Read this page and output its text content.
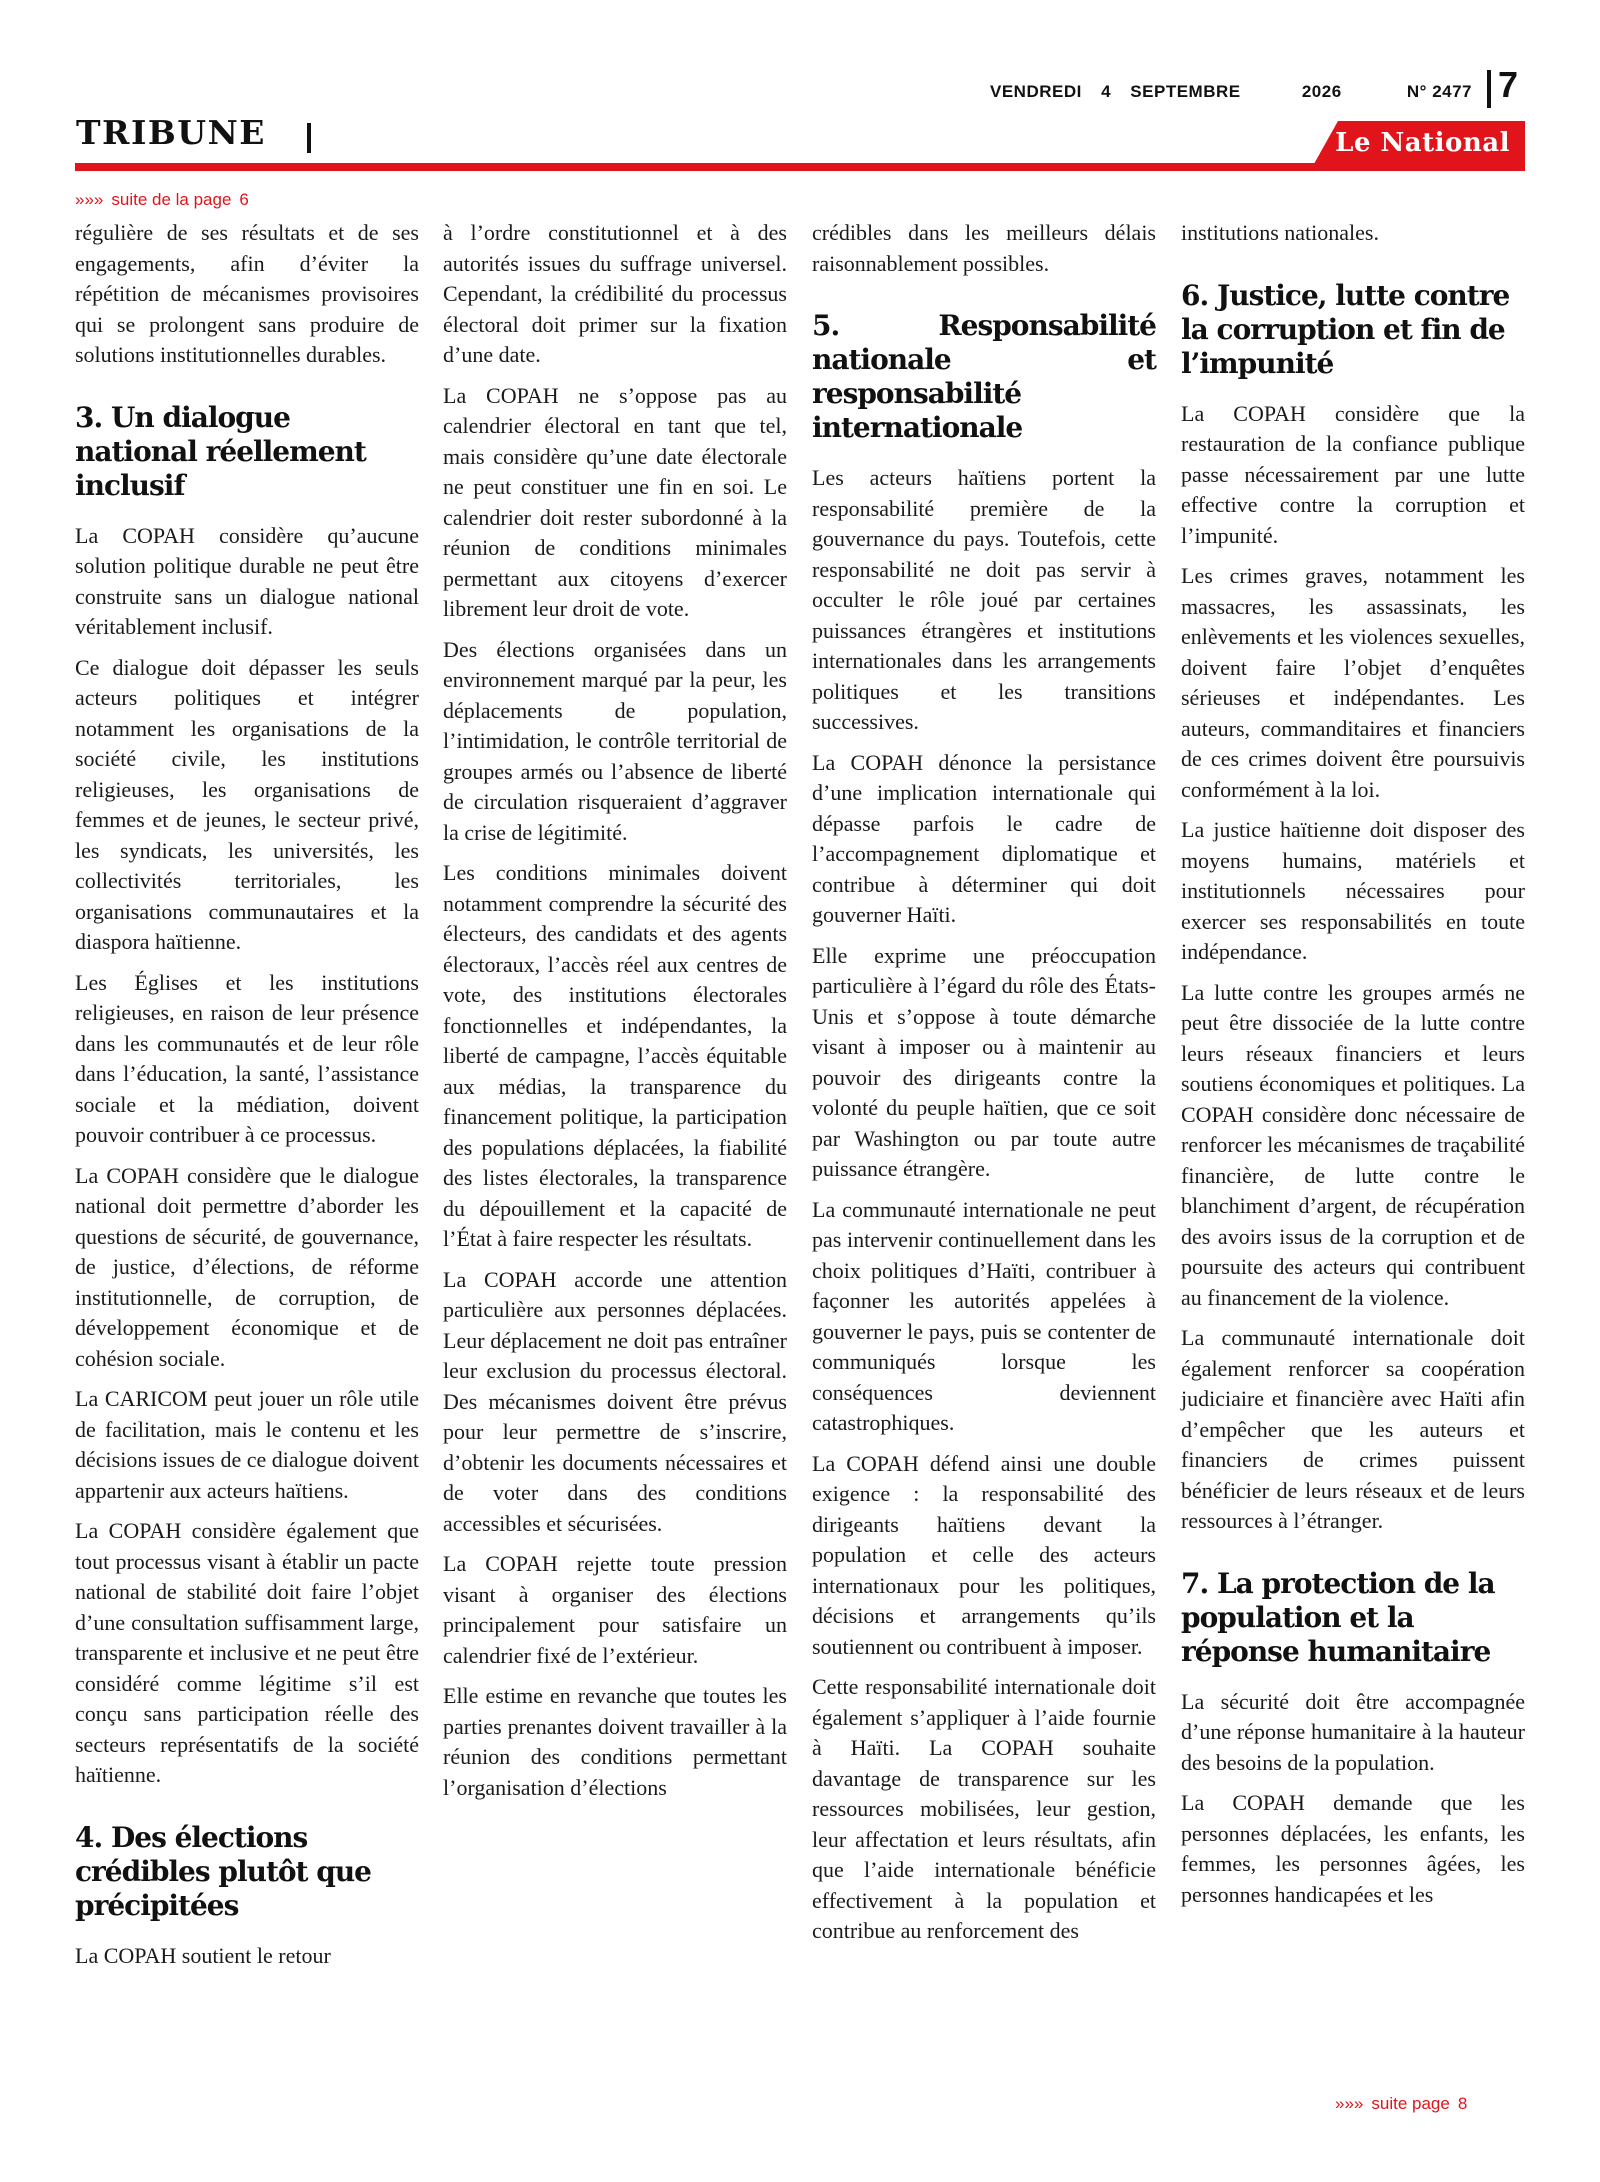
VENDREDI 4 SEPTEMBRE	2026	N° 2477 7
TRIBUNE	Le National
»»» suite de la page 6

régulière de ses résultats et de ses engagements, afin d’éviter la répétition de mécanismes provisoires qui se prolongent sans produire de solutions institutionnelles durables.

3. Un dialogue national réellement inclusif

La COPAH considère qu’aucune solution politique durable ne peut être construite sans un dialogue national véritablement inclusif.

Ce dialogue doit dépasser les seuls acteurs politiques et intégrer notamment les organisations de la société civile, les institutions religieuses, les organisations de femmes et de jeunes, le secteur privé, les syndicats, les universités, les collectivités territoriales, les organisations communautaires et la diaspora haïtienne.

Les Églises et les institutions religieuses, en raison de leur présence dans les communautés et de leur rôle dans l’éducation, la santé, l’assistance sociale et la médiation, doivent pouvoir contribuer à ce processus.

La COPAH considère que le dialogue national doit permettre d’aborder les questions de sécurité, de gouvernance, de justice, d’élections, de réforme institutionnelle, de corruption, de développement économique et de cohésion sociale.

La CARICOM peut jouer un rôle utile de facilitation, mais le contenu et les décisions issues de ce dialogue doivent appartenir aux acteurs haïtiens.

La COPAH considère également que tout processus visant à établir un pacte national de stabilité doit faire l’objet d’une consultation suffisamment large, transparente et inclusive et ne peut être considéré comme légitime s’il est conçu sans participation réelle des secteurs représentatifs de la société haïtienne.

4. Des élections crédibles plutôt que précipitées

La COPAH soutient le retour

à l’ordre constitutionnel et à des autorités issues du suffrage universel. Cependant, la crédibilité du processus électoral doit primer sur la fixation d’une date.

La COPAH ne s’oppose pas au calendrier électoral en tant que tel, mais considère qu’une date électorale ne peut constituer une fin en soi. Le calendrier doit rester subordonné à la réunion de conditions minimales permettant aux citoyens d’exercer librement leur droit de vote.

Des élections organisées dans un environnement marqué par la peur, les déplacements de population, l’intimidation, le contrôle territorial de groupes armés ou l’absence de liberté de circulation risqueraient d’aggraver la crise de légitimité.

Les conditions minimales doivent notamment comprendre la sécurité des électeurs, des candidats et des agents électoraux, l’accès réel aux centres de vote, des institutions électorales fonctionnelles et indépendantes, la liberté de campagne, l’accès équitable aux médias, la transparence du financement politique, la participation des populations déplacées, la fiabilité des listes électorales, la transparence du dépouillement et la capacité de l’État à faire respecter les résultats.

La COPAH accorde une attention particulière aux personnes déplacées. Leur déplacement ne doit pas entraîner leur exclusion du processus électoral. Des mécanismes doivent être prévus pour leur permettre de s’inscrire, d’obtenir les documents nécessaires et de voter dans des conditions accessibles et sécurisées.

La COPAH rejette toute pression visant à organiser des élections principalement pour satisfaire un calendrier fixé de l’extérieur.

Elle estime en revanche que toutes les parties prenantes doivent travailler à la réunion des conditions permettant l’organisation d’élections

crédibles dans les meilleurs délais raisonnablement possibles.

5. Responsabilité nationale et responsabilité internationale

Les acteurs haïtiens portent la responsabilité première de la gouvernance du pays. Toutefois, cette responsabilité ne doit pas servir à occulter le rôle joué par certaines puissances étrangères et institutions internationales dans les arrangements politiques et les transitions successives.

La COPAH dénonce la persistance d’une implication internationale qui dépasse parfois le cadre de l’accompagnement diplomatique et contribue à déterminer qui doit gouverner Haïti.

Elle exprime une préoccupation particulière à l’égard du rôle des États-Unis et s’oppose à toute démarche visant à imposer ou à maintenir au pouvoir des dirigeants contre la volonté du peuple haïtien, que ce soit par Washington ou par toute autre puissance étrangère.

La communauté internationale ne peut pas intervenir continuellement dans les choix politiques d’Haïti, contribuer à façonner les autorités appelées à gouverner le pays, puis se contenter de communiqués lorsque les conséquences deviennent catastrophiques.

La COPAH défend ainsi une double exigence : la responsabilité des dirigeants haïtiens devant la population et celle des acteurs internationaux pour les politiques, décisions et arrangements qu’ils soutiennent ou contribuent à imposer.

Cette responsabilité internationale doit également s’appliquer à l’aide fournie à Haïti. La COPAH souhaite davantage de transparence sur les ressources mobilisées, leur gestion, leur affectation et leurs résultats, afin que l’aide internationale bénéficie effectivement à la population et contribue au renforcement des

institutions nationales.

6. Justice, lutte contre la corruption et fin de l’impunité

La COPAH considère que la restauration de la confiance publique passe nécessairement par une lutte effective contre la corruption et l’impunité.

Les crimes graves, notamment les massacres, les assassinats, les enlèvements et les violences sexuelles, doivent faire l’objet d’enquêtes sérieuses et indépendantes. Les auteurs, commanditaires et financiers de ces crimes doivent être poursuivis conformément à la loi.

La justice haïtienne doit disposer des moyens humains, matériels et institutionnels nécessaires pour exercer ses responsabilités en toute indépendance.

La lutte contre les groupes armés ne peut être dissociée de la lutte contre leurs réseaux financiers et leurs soutiens économiques et politiques. La COPAH considère donc nécessaire de renforcer les mécanismes de traçabilité financière, de lutte contre le blanchiment d’argent, de récupération des avoirs issus de la corruption et de poursuite des acteurs qui contribuent au financement de la violence.

La communauté internationale doit également renforcer sa coopération judiciaire et financière avec Haïti afin d’empêcher que les auteurs et financiers de crimes puissent bénéficier de leurs réseaux et de leurs ressources à l’étranger.

7. La protection de la population et la réponse humanitaire

La sécurité doit être accompagnée d’une réponse humanitaire à la hauteur des besoins de la population.

La COPAH demande que les personnes déplacées, les enfants, les femmes, les personnes âgées, les personnes handicapées et les

»»» suite page 8
